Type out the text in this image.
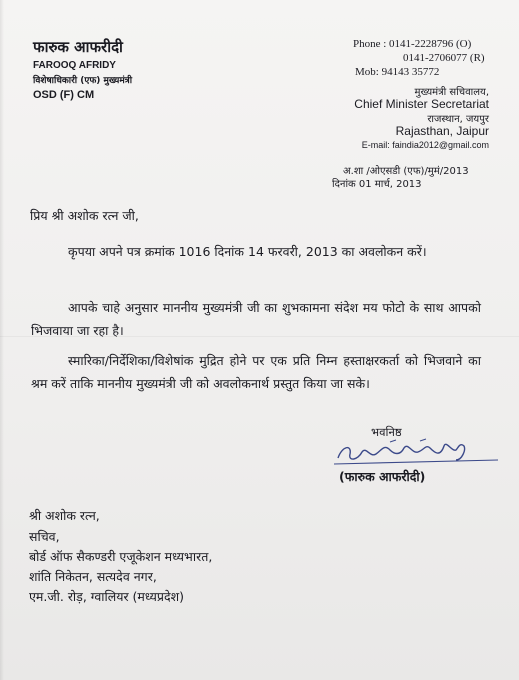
फारुक आफरीदी
FAROOQ AFRIDY
विशेषाधिकारी (एफ) मुख्यमंत्री
OSD (F) CM
Phone : 0141-2228796 (O)
0141-2706077 (R)
Mob: 94143 35772
मुख्यमंत्री सचिवालय,
Chief Minister Secretariat
राजस्थान, जयपुर
Rajasthan, Jaipur
E-mail: faindia2012@gmail.com
अ.शा /ओएसडी (एफ)/मुमं/2013
दिनांक 01 मार्च, 2013
प्रिय श्री अशोक रत्न जी,
कृपया अपने पत्र क्रमांक 1016 दिनांक 14 फरवरी, 2013 का अवलोकन करें।
आपके चाहे अनुसार माननीय मुख्यमंत्री जी का शुभकामना संदेश मय फोटो के साथ आपको भिजवाया जा रहा है।
स्मारिका/निर्देशिका/विशेषांक मुद्रित होने पर एक प्रति निम्न हस्ताक्षरकर्ता को भिजवाने का श्रम करें ताकि माननीय मुख्यमंत्री जी को अवलोकनार्थ प्रस्तुत किया जा सके।
भवनिष्ठ
(फारुक आफरीदी)
श्री अशोक रत्न,
सचिव,
बोर्ड ऑफ सैकण्डरी एजूकेशन मध्यभारत,
शांति निकेतन, सत्यदेव नगर,
एम.जी. रोड़, ग्वालियर (मध्यप्रदेश)
